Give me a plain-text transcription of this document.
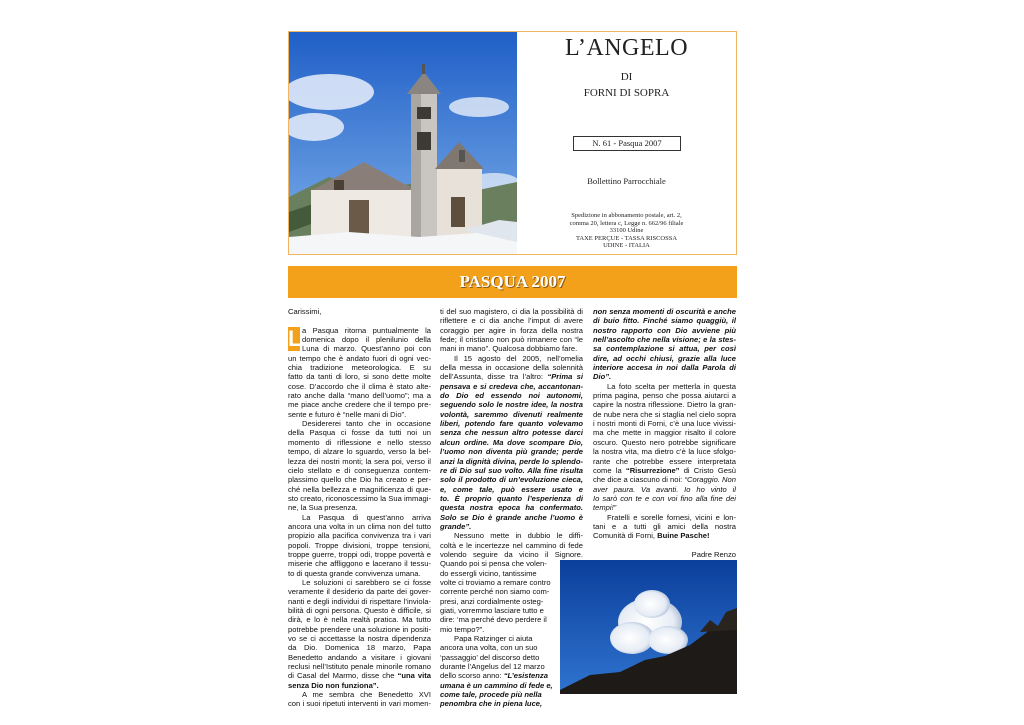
L’ANGELO
DI
FORNI DI SOPRA
N. 61 - Pasqua 2007
Bollettino Parrocchiale
Spedizione in abbonamento postale, art. 2,
comma 20, lettera c, Legge n. 662/96 filiale
33100 Udine
TAXE PERÇUE - TASSA RISCOSSA
UDINE - ITALIA
PASQUA 2007
Carissimi,
L a Pasqua ritorna puntualmente la
domenica dopo il plenilunio della
Luna di marzo. Quest’anno poi con
un tempo che è andato fuori di ogni vec-
chia tradizione meteorologica. E su
fatto da tanti di loro, si sono dette molte
cose. D’accordo che il clima è stato alte-
rato anche dalla “mano dell’uomo”; ma a
me piace anche credere che il tempo pre-
sente e futuro è “nelle mani di Dio”.
Desidererei tanto che in occasione
della Pasqua ci fosse da tutti noi un
momento di riflessione e nello stesso
tempo, di alzare lo sguardo, verso la bel-
lezza dei nostri monti; la sera poi, verso il
cielo stellato e di conseguenza contem-
plassimo quello che Dio ha creato e per-
ché nella bellezza e magnificenza di que-
sto creato, riconoscessimo la Sua immagi-
ne, la Sua presenza.
La Pasqua di quest’anno arriva
ancora una volta in un clima non del tutto
propizio alla pacifica convivenza tra i vari
popoli. Troppe divisioni, troppe tensioni,
troppe guerre, troppi odi, troppe povertà e
miserie che affliggono e lacerano il tessu-
to di questa grande convivenza umana.
Le soluzioni ci sarebbero se ci fosse
veramente il desiderio da parte dei gover-
nanti e degli individui di rispettare l’inviola-
bilità di ogni persona. Questo è difficile, si
dirà, e lo è nella realtà pratica. Ma tutto
potrebbe prendere una soluzione in positi-
vo se ci accettasse la nostra dipendenza
da Dio. Domenica 18 marzo, Papa
Benedetto andando a visitare i giovani
reclusi nell’Istituto penale minorile romano
di Casal del Marmo, disse che “una vita
senza Dio non funziona”.
A me sembra che Benedetto XVI
con i suoi ripetuti interventi in vari momen-
ti del suo magistero, ci dia la possibilità di
riflettere e ci dia anche l’imput di avere
coraggio per agire in forza della nostra
fede; il cristiano non può rimanere con “le
mani in mano”. Qualcosa dobbiamo fare.
Il 15 agosto del 2005, nell’omelia
della messa in occasione della solennità
dell’Assunta, disse tra l’altro: “Prima si
pensava e si credeva che, accantonan-
do Dio ed essendo noi autonomi,
seguendo solo le nostre idee, la nostra
volontà, saremmo divenuti realmente
liberi, potendo fare quanto volevamo
senza che nessun altro potesse darci
alcun ordine. Ma dove scompare Dio,
l’uomo non diventa più grande; perde
anzi la dignità divina, perde lo splendo-
re di Dio sul suo volto. Alla fine risulta
solo il prodotto di un’evoluzione cieca,
e, come tale, può essere usato e
to. È proprio quanto l’esperienza di
questa nostra epoca ha confermato.
Solo se Dio è grande anche l’uomo è
grande”.
Nessuno mette in dubbio le diffi-
coltà e le incertezze nel cammino di fede
volendo seguire da vicino il Signore.
Quando poi si pensa che volen-
do essergli vicino, tantissime
volte ci troviamo a remare contro
corrente perché non siamo com-
presi, anzi cordialmente osteg-
giati, vorremmo lasciare tutto e
dire: ‘ma perché devo perdere il
mio tempo?”.
Papa Ratzinger ci aiuta
ancora una volta, con un suo
‘passaggio’ del discorso detto
durante l’Angelus del 12 marzo
dello scorso anno: “L’esistenza
umana è un cammino di fede e,
come tale, procede più nella
penombra che in piena luce,
non senza momenti di oscurità e anche
di buio fitto. Finché siamo quaggiù, il
nostro rapporto con Dio avviene più
nell’ascolto che nella visione; e la stes-
sa contemplazione si attua, per così
dire, ad occhi chiusi, grazie alla luce
interiore accesa in noi dalla Parola di
Dio”.
La foto scelta per metterla in questa
prima pagina, penso che possa aiutarci a
capire la nostra riflessione. Dietro la gran-
de nube nera che si staglia nel cielo sopra
i nostri monti di Forni, c’è una luce vivissi-
ma che mette in maggior risalto il colore
oscuro. Questo nero potrebbe significare
la nostra vita, ma dietro c’è la luce sfolgo-
rante che potrebbe essere interpretata
come la “Risurrezione” di Cristo Gesù
che dice a ciascuno di noi: “Coraggio. Non
aver paura. Va avanti. Io ho vinto il
Io sarò con te e con voi fino alla fine dei
tempi!”
Fratelli e sorelle fornesi, vicini e lon-
tani e a tutti gli amici della nostra
Comunità di Forni, Buine Pasche!
Padre Renzo
